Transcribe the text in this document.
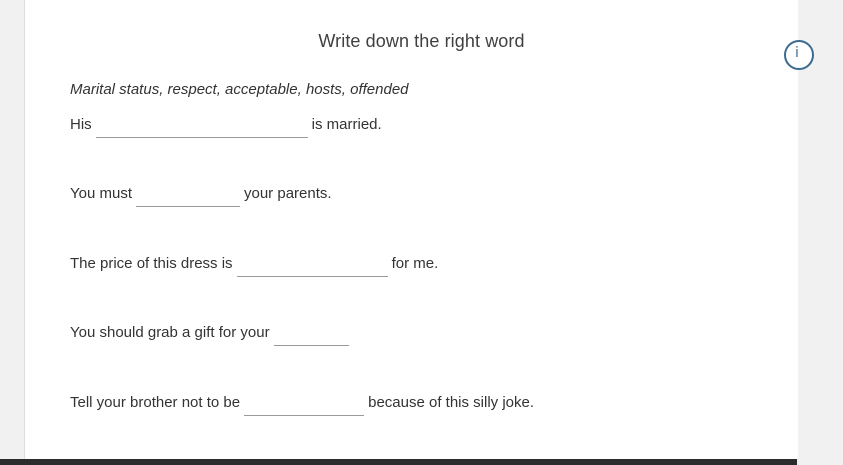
Write down the right word
Marital status, respect, acceptable, hosts, offended
His	is married.
You must	your parents.
The price of this dress is	for me.
You should grab a gift for your
Tell your brother not to be	because of this silly joke.
i
